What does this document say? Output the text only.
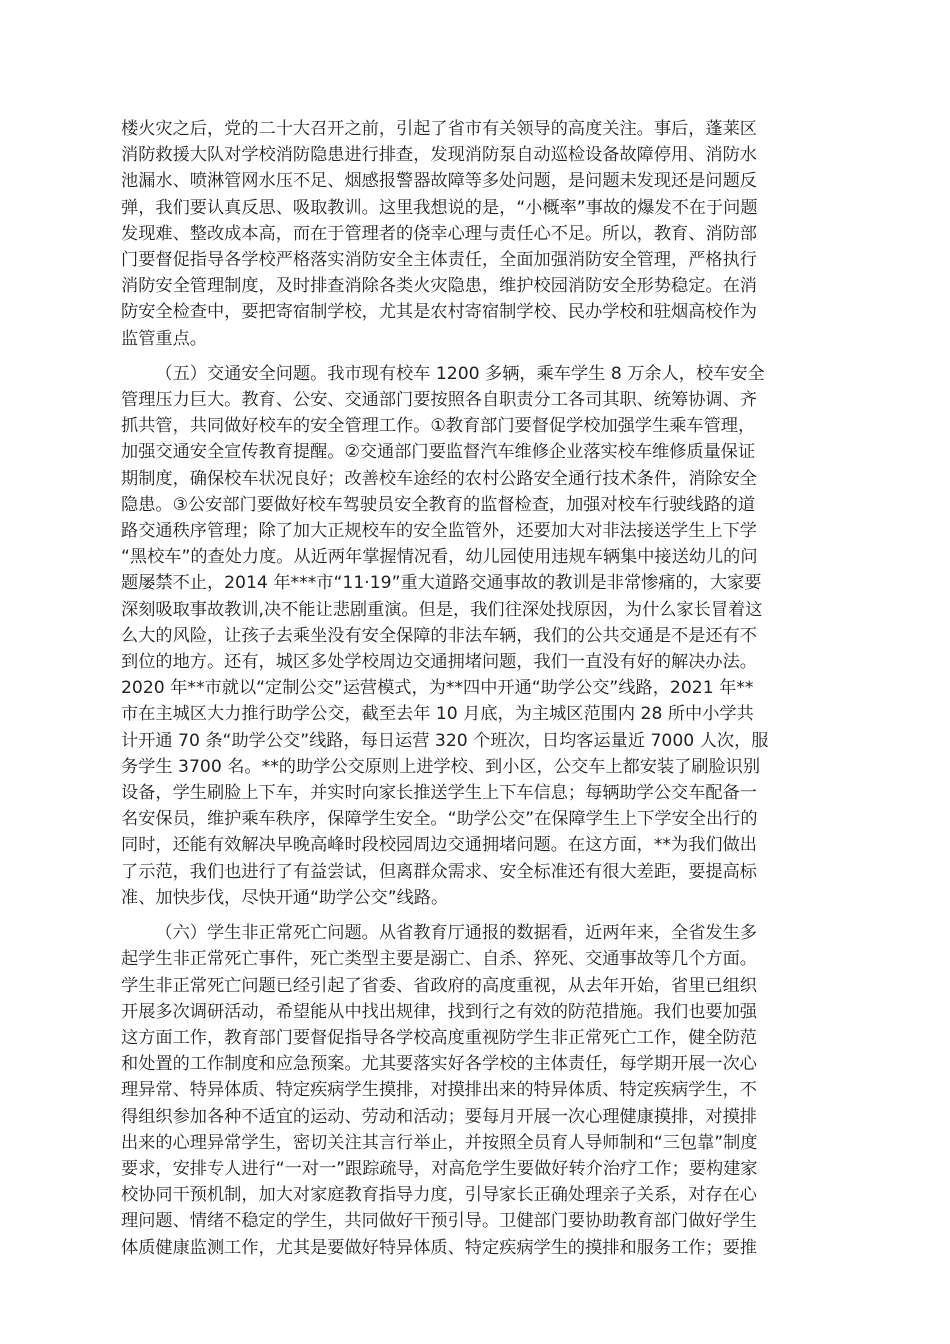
楼火灾之后，党的二十大召开之前，引起了省市有关领导的高度关注。事后，蓬莱区
消防救援大队对学校消防隐患进行排查，发现消防泵自动巡检设备故障停用、消防水
池漏水、喷淋管网水压不足、烟感报警器故障等多处问题，是问题未发现还是问题反
弹，我们要认真反思、吸取教训。这里我想说的是，“小概率”事故的爆发不在于问题
发现难、整改成本高，而在于管理者的侥幸心理与责任心不足。所以，教育、消防部
门要督促指导各学校严格落实消防安全主体责任，全面加强消防安全管理，严格执行
消防安全管理制度，及时排查消除各类火灾隐患，维护校园消防安全形势稳定。在消
防安全检查中，要把寄宿制学校，尤其是农村寄宿制学校、民办学校和驻烟高校作为
监管重点。
（五）交通安全问题。我市现有校车 1200 多辆，乘车学生 8 万余人，校车安全
管理压力巨大。教育、公安、交通部门要按照各自职责分工各司其职、统筹协调、齐
抓共管，共同做好校车的安全管理工作。①教育部门要督促学校加强学生乘车管理，
加强交通安全宣传教育提醒。②交通部门要监督汽车维修企业落实校车维修质量保证
期制度，确保校车状况良好；改善校车途经的农村公路安全通行技术条件，消除安全
隐患。③公安部门要做好校车驾驶员安全教育的监督检查，加强对校车行驶线路的道
路交通秩序管理；除了加大正规校车的安全监管外，还要加大对非法接送学生上下学
“黑校车”的查处力度。从近两年掌握情况看，幼儿园使用违规车辆集中接送幼儿的问
题屡禁不止，2014 年***市“11·19”重大道路交通事故的教训是非常惨痛的，大家要
深刻吸取事故教训,决不能让悲剧重演。但是，我们往深处找原因，为什么家长冒着这
么大的风险，让孩子去乘坐没有安全保障的非法车辆，我们的公共交通是不是还有不
到位的地方。还有，城区多处学校周边交通拥堵问题，我们一直没有好的解决办法。
2020 年**市就以“定制公交”运营模式，为**四中开通“助学公交”线路，2021 年**
市在主城区大力推行助学公交，截至去年 10 月底，为主城区范围内 28 所中小学共
计开通 70 条“助学公交”线路，每日运营 320 个班次，日均客运量近 7000 人次，服
务学生 3700 名。**的助学公交原则上进学校、到小区，公交车上都安装了刷脸识别
设备，学生刷脸上下车，并实时向家长推送学生上下车信息；每辆助学公交车配备一
名安保员，维护乘车秩序，保障学生安全。“助学公交”在保障学生上下学安全出行的
同时，还能有效解决早晚高峰时段校园周边交通拥堵问题。在这方面，**为我们做出
了示范，我们也进行了有益尝试，但离群众需求、安全标准还有很大差距，要提高标
准、加快步伐，尽快开通“助学公交”线路。
（六）学生非正常死亡问题。从省教育厅通报的数据看，近两年来，全省发生多
起学生非正常死亡事件，死亡类型主要是溺亡、自杀、猝死、交通事故等几个方面。
学生非正常死亡问题已经引起了省委、省政府的高度重视，从去年开始，省里已组织
开展多次调研活动，希望能从中找出规律，找到行之有效的防范措施。我们也要加强
这方面工作，教育部门要督促指导各学校高度重视防学生非正常死亡工作，健全防范
和处置的工作制度和应急预案。尤其要落实好各学校的主体责任，每学期开展一次心
理异常、特异体质、特定疾病学生摸排，对摸排出来的特异体质、特定疾病学生，不
得组织参加各种不适宜的运动、劳动和活动；要每月开展一次心理健康摸排，对摸排
出来的心理异常学生，密切关注其言行举止，并按照全员育人导师制和“三包靠”制度
要求，安排专人进行“一对一”跟踪疏导，对高危学生要做好转介治疗工作；要构建家
校协同干预机制，加大对家庭教育指导力度，引导家长正确处理亲子关系，对存在心
理问题、情绪不稳定的学生，共同做好干预引导。卫健部门要协助教育部门做好学生
体质健康监测工作，尤其是要做好特异体质、特定疾病学生的摸排和服务工作；要推
